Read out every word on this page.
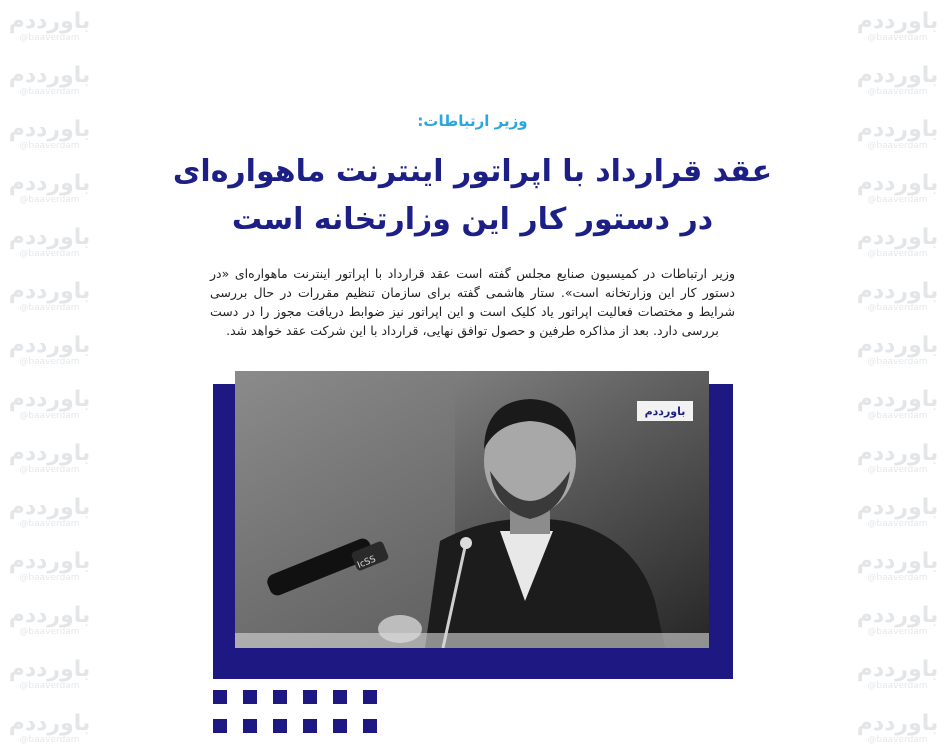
باورددم
@baaverdam
باورددم
@baaverdam
باورددم
@baaverdam
باورددم
@baaverdam
باورددم
@baaverdam
باورددم
@baaverdam
باورددم
@baaverdam
باورددم
@baaverdam
باورددم
@baaverdam
باورددم
@baaverdam
باورددم
@baaverdam
باورددم
@baaverdam
باورددم
@baaverdam
باورددم
@baaverdam
باورددم
@baaverdam
باورددم
@baaverdam
باورددم
@baaverdam
باورددم
@baaverdam
باورددم
@baaverdam
باورددم
@baaverdam
باورددم
@baaverdam
باورددم
@baaverdam
باورددم
@baaverdam
باورددم
@baaverdam
باورددم
@baaverdam
باورددم
@baaverdam
باورددم
@baaverdam
باورددم
@baaverdam
وزیر ارتباطات:
عقد قرارداد با اپراتور اینترنت ماهواره‌ای
در دستور کار این وزارتخانه است
وزیر ارتباطات در کمیسیون صنایع مجلس گفته است عقد قرارداد با اپراتور اینترنت ماهواره‌ای «در دستور کار این وزارتخانه است». ستار هاشمی گفته برای سازمان تنظیم مقررات در حال بررسی شرایط و مختصات فعالیت اپراتور یاد کلیک است و این اپراتور نیز ضوابط دریافت مجوز را در دست بررسی دارد. بعد از مذاکره طرفین و حصول توافق نهایی، قرارداد با این شرکت عقد خواهد شد.
IcSS
باورددم
